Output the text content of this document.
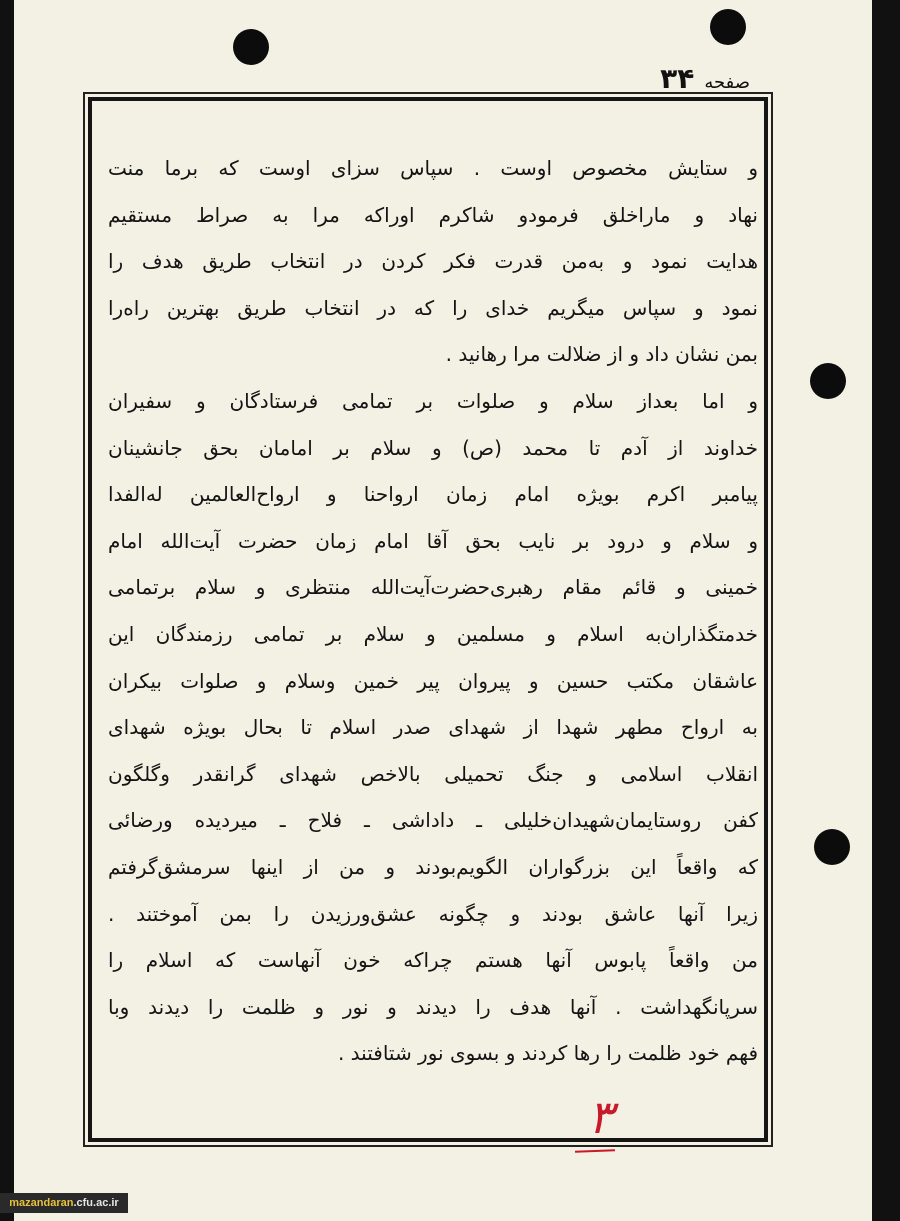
صفحه
۳۴
و ستایش مخصوص اوست . سپاس سزای اوست که برما منت
نهاد و ماراخلق فرمودو شاکرم اوراکه مرا به صراط مستقیم
هدایت نمود و به‌من قدرت فکر کردن در انتخاب طریق هدف را
نمود و سپاس میگریم خدای را که در انتخاب طریق بهترین راه‌را
بمن نشان داد و از ضلالت مرا رهانید .
و اما بعداز سلام و صلوات بر تمامی فرستادگان و سفیران
خداوند از آدم تا محمد (ص) و سلام بر امامان بحق جانشینان
پیامبر اکرم بویژه امام زمان ارواحنا و ارواح‌العالمین له‌الفدا
و سلام و درود بر نایب بحق آقا امام زمان حضرت آیت‌الله امام
خمینی و قائم مقام رهبری‌حضرت‌آیت‌الله منتظری و سلام برتمامی
خدمتگذاران‌به اسلام و مسلمین و سلام بر تمامی رزمندگان این
عاشقان مکتب حسین و پیروان پیر خمین وسلام و صلوات بیکران
به ارواح مطهر شهدا از شهدای صدر اسلام تا بحال بویژه شهدای
انقلاب اسلامی و جنگ تحمیلی بالاخص شهدای گرانقدر وگلگون
کفن روستایمان‌شهیدان‌خلیلی ـ داداشی ـ فلاح ـ میردیده ورضائی
که واقعاً این بزرگواران الگویم‌بودند و من از اینها سرمشق‌گرفتم
زیرا آنها عاشق بودند و چگونه عشق‌ورزیدن را بمن آموختند .
من واقعاً پابوس آنها هستم چراکه خون آنهاست که اسلام را
سرپانگهداشت . آنها هدف را دیدند و نور و ظلمت را دیدند وبا
فهم خود ظلمت را رها کردند و بسوی نور شتافتند .
۳
mazandaran.cfu.ac.ir
